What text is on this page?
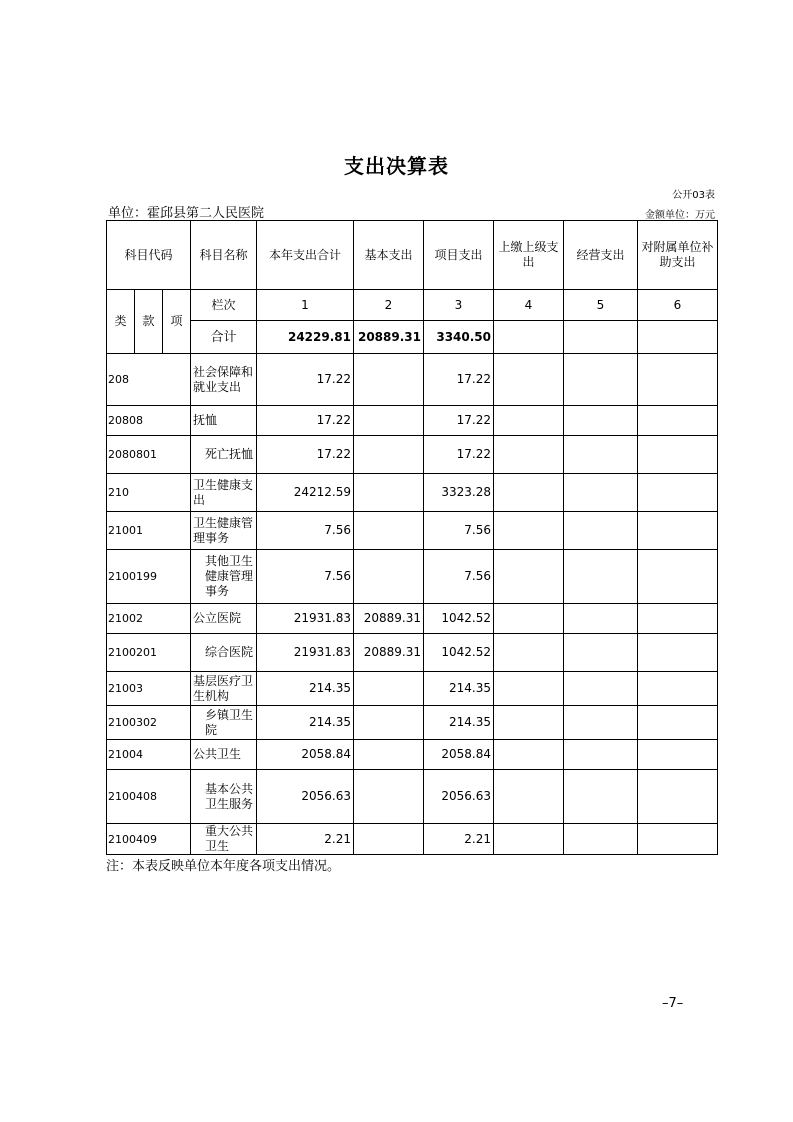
支出决算表
公开03表
单位：霍邱县第二人民医院	金额单位：万元
科目代码			科目名称	本年支出合计	基本支出	项目支出	上缴上级支出	经营支出	对附属单位补助支出
类	款	项	栏次	1	2	3	4	5	6
			合计	24229.81	20889.31	3340.50			
208			社会保障和就业支出	17.22		17.22			
20808			抚恤	17.22		17.22			
2080801			死亡抚恤	17.22		17.22			
210			卫生健康支出	24212.59		3323.28			
21001			卫生健康管理事务	7.56		7.56			
2100199			其他卫生健康管理事务	7.56		7.56			
21002			公立医院	21931.83	20889.31	1042.52			
2100201			综合医院	21931.83	20889.31	1042.52			
21003			基层医疗卫生机构	214.35		214.35			
2100302			乡镇卫生院	214.35		214.35			
21004			公共卫生	2058.84		2058.84			
2100408			基本公共卫生服务	2056.63		2056.63			
2100409			重大公共卫生	2.21		2.21			
注：本表反映单位本年度各项支出情况。
–7–
